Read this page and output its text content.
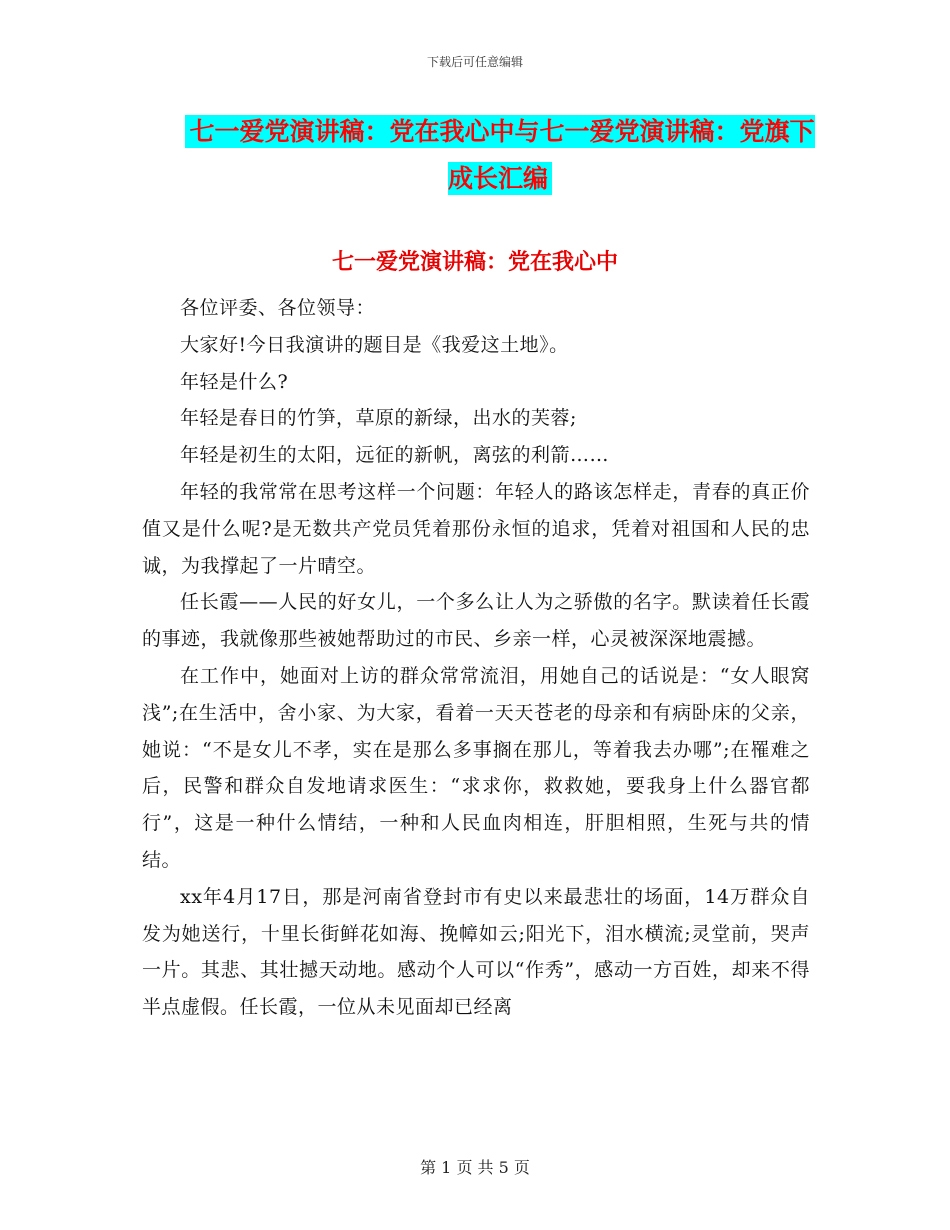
下载后可任意编辑
七一爱党演讲稿：党在我心中与七一爱党演讲稿：党旗下成长汇编
七一爱党演讲稿：党在我心中

各位评委、各位领导：

大家好!今日我演讲的题目是《我爱这土地》。

年轻是什么?

年轻是春日的竹笋，草原的新绿，出水的芙蓉;

年轻是初生的太阳，远征的新帆，离弦的利箭……

年轻的我常常在思考这样一个问题：年轻人的路该怎样走，青春的真正价值又是什么呢?是无数共产党员凭着那份永恒的追求，凭着对祖国和人民的忠诚，为我撑起了一片晴空。

任长霞——人民的好女儿，一个多么让人为之骄傲的名字。默读着任长霞的事迹，我就像那些被她帮助过的市民、乡亲一样，心灵被深深地震撼。

在工作中，她面对上访的群众常常流泪，用她自己的话说是：“女人眼窝浅”;在生活中，舍小家、为大家，看着一天天苍老的母亲和有病卧床的父亲，她说：“不是女儿不孝，实在是那么多事搁在那儿，等着我去办哪”;在罹难之后，民警和群众自发地请求医生：“求求你，救救她，要我身上什么器官都行”，这是一种什么情结，一种和人民血肉相连，肝胆相照，生死与共的情结。

xx年4月17日，那是河南省登封市有史以来最悲壮的场面，14万群众自发为她送行，十里长街鲜花如海、挽幛如云;阳光下，泪水横流;灵堂前，哭声一片。其悲、其壮撼天动地。感动个人可以“作秀”，感动一方百姓，却来不得半点虚假。任长霞，一位从未见面却已经离

第 1 页 共 5 页
